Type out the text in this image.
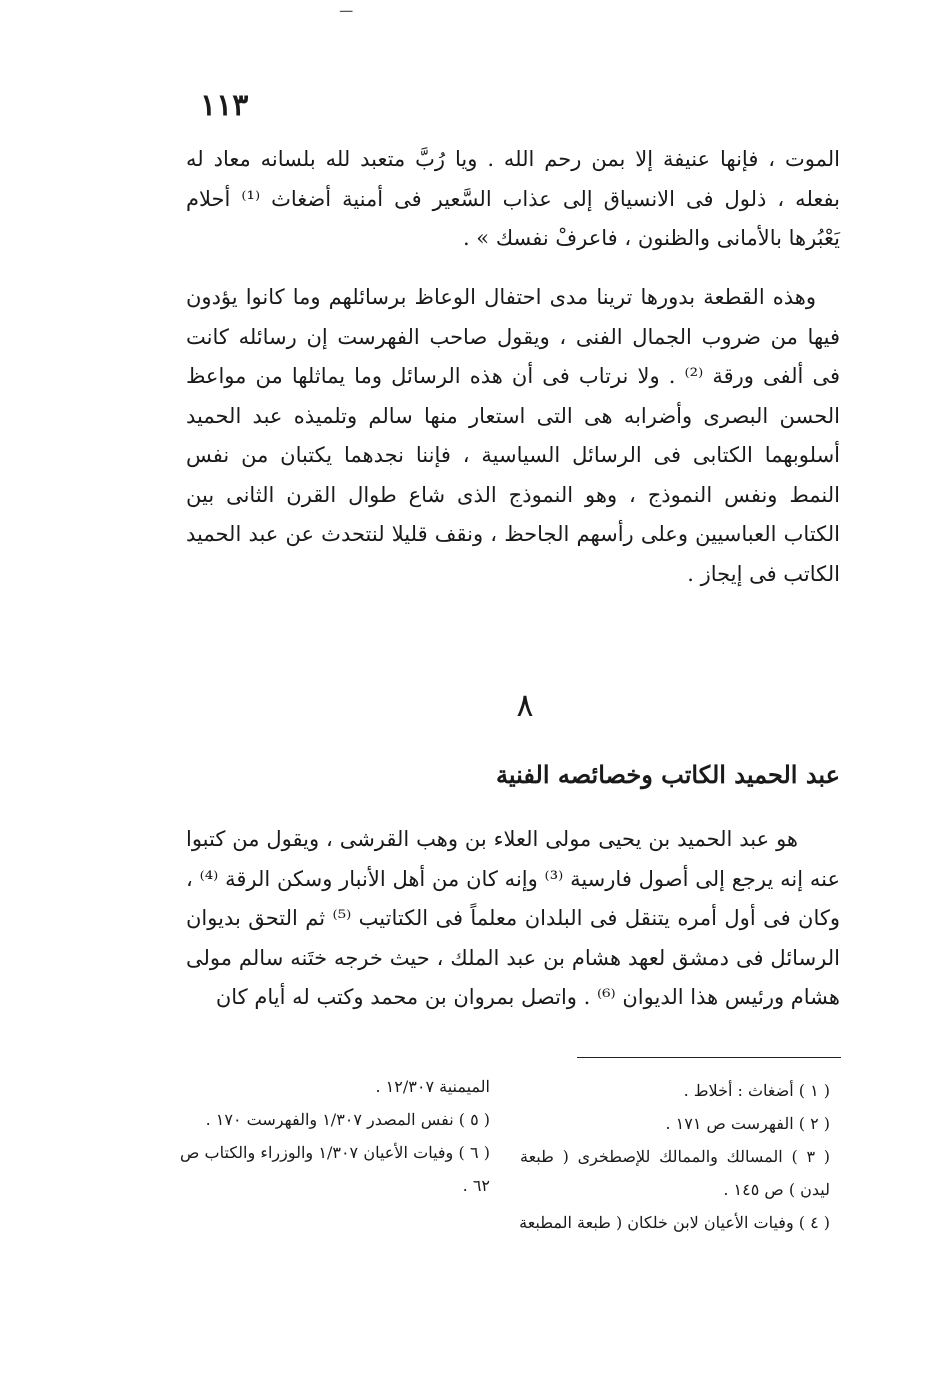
ـــ
١١٣
الموت ، فإنها عنيفة إلا بمن رحم الله . ويا رُبَّ متعبد لله بلسانه معاد له بفعله ، ذلول فى الانسياق إلى عذاب السَّعير فى أمنية أضغاث ⁽¹⁾ أحلام يَعْبُرها بالأمانى والظنون ، فاعرفْ نفسك » .
وهذه القطعة بدورها ترينا مدى احتفال الوعاظ برسائلهم وما كانوا يؤدون فيها من ضروب الجمال الفنى ، ويقول صاحب الفهرست إن رسائله كانت فى ألفى ورقة ⁽²⁾ . ولا نرتاب فى أن هذه الرسائل وما يماثلها من مواعظ الحسن البصرى وأضرابه هى التى استعار منها سالم وتلميذه عبد الحميد أسلوبهما الكتابى فى الرسائل السياسية ، فإننا نجدهما يكتبان من نفس النمط ونفس النموذج ، وهو النموذج الذى شاع طوال القرن الثانى بين الكتاب العباسيين وعلى رأسهم الجاحظ ، ونقف قليلا لنتحدث عن عبد الحميد الكاتب فى إيجاز .
٨
عبد الحميد الكاتب وخصائصه الفنية
هو عبد الحميد بن يحيى مولى العلاء بن وهب القرشى ، ويقول من كتبوا عنه إنه يرجع إلى أصول فارسية ⁽³⁾ وإنه كان من أهل الأنبار وسكن الرقة ⁽⁴⁾ ، وكان فى أول أمره يتنقل فى البلدان معلماً فى الكتاتيب ⁽⁵⁾ ثم التحق بديوان الرسائل فى دمشق لعهد هشام بن عبد الملك ، حيث خرجه ختَنه سالم مولى هشام ورئيس هذا الديوان ⁽⁶⁾ . واتصل بمروان بن محمد وكتب له أيام كان
( ١ ) أضغاث : أخلاط .
( ٢ ) الفهرست ص ١٧١ .
( ٣ ) المسالك والممالك للإصطخرى ( طبعة ليدن ) ص ١٤٥ .
( ٤ ) وفيات الأعيان لابن خلكان ( طبعة المطبعة
الميمنية ١٢/٣٠٧ .
( ٥ ) نفس المصدر ١/٣٠٧ والفهرست ١٧٠ .
( ٦ ) وفيات الأعيان ١/٣٠٧ والوزراء والكتاب ص ٦٢ .
